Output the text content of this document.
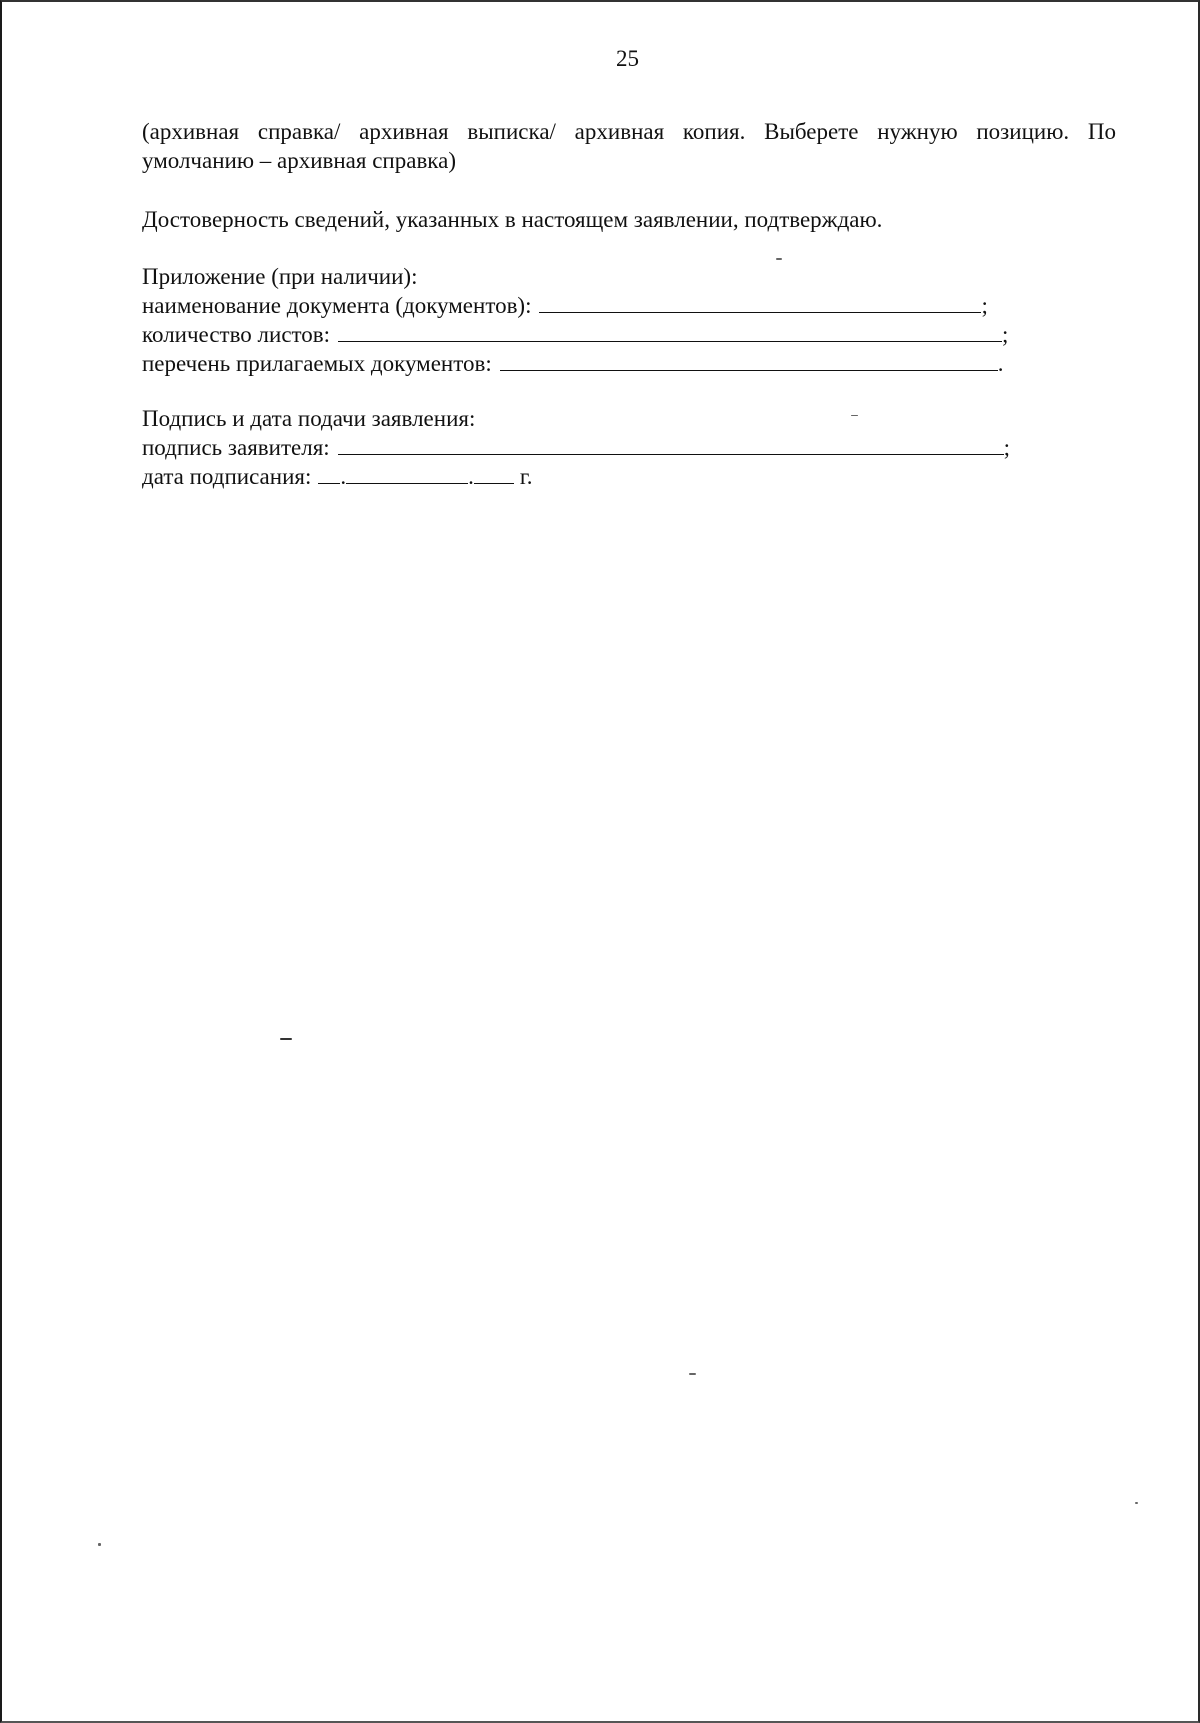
25
(архивная справка/ архивная выписка/ архивная копия. Выберете нужную позицию. По умолчанию – архивная справка)
Достоверность сведений, указанных в настоящем заявлении, подтверждаю.
Приложение (при наличии):
наименование документа (документов):	;
количество листов:	;
перечень прилагаемых документов:	.
Подпись и дата подачи заявления:
подпись заявителя:	;
дата подписания: .	. г.
